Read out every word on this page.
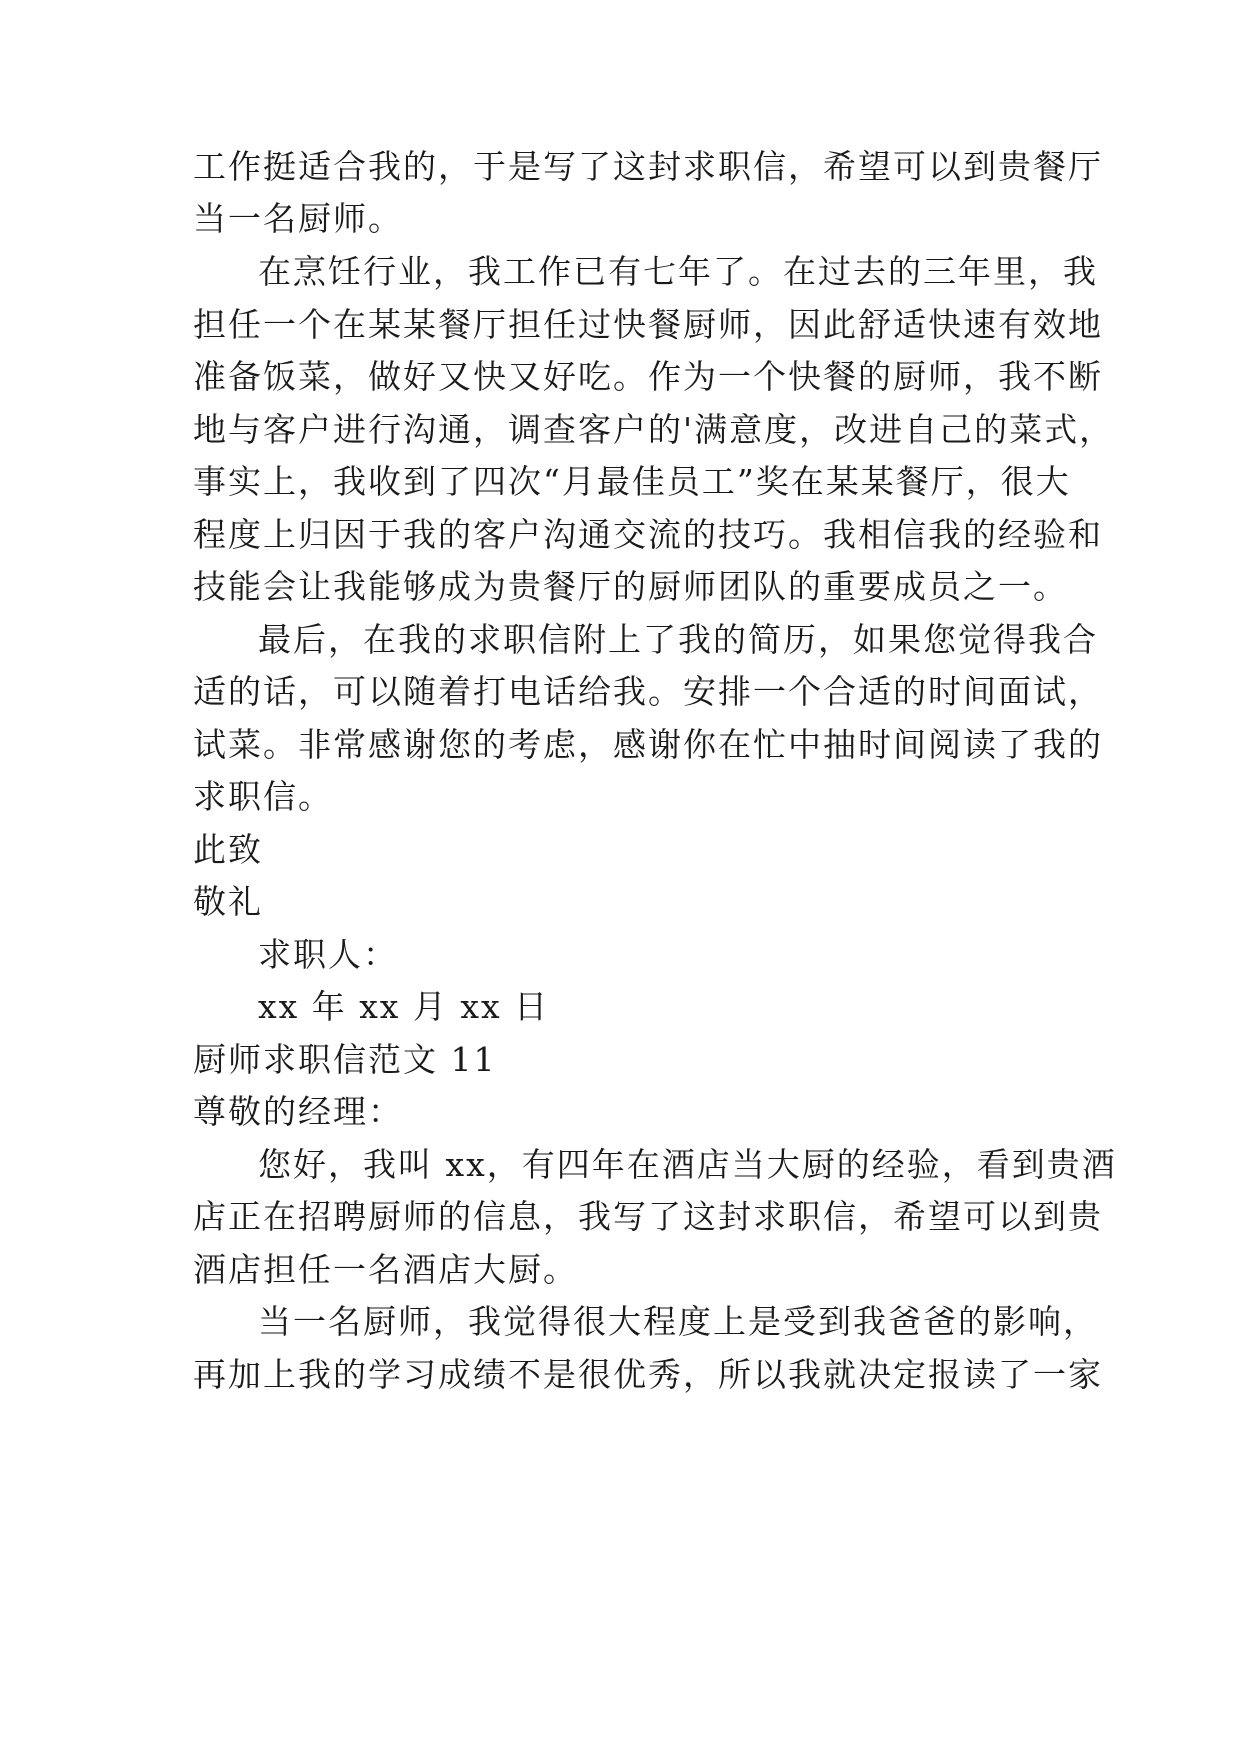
工作挺适合我的，于是写了这封求职信，希望可以到贵餐厅
当一名厨师。
在烹饪行业，我工作已有七年了。在过去的三年里，我
担任一个在某某餐厅担任过快餐厨师，因此舒适快速有效地
准备饭菜，做好又快又好吃。作为一个快餐的厨师，我不断
地与客户进行沟通，调查客户的'满意度，改进自己的菜式，
事实上，我收到了四次“月最佳员工”奖在某某餐厅，很大
程度上归因于我的客户沟通交流的技巧。我相信我的经验和
技能会让我能够成为贵餐厅的厨师团队的重要成员之一。
最后，在我的求职信附上了我的简历，如果您觉得我合
适的话，可以随着打电话给我。安排一个合适的时间面试，
试菜。非常感谢您的考虑，感谢你在忙中抽时间阅读了我的
求职信。
此致
敬礼
求职人：
xx 年 xx 月 xx 日
厨师求职信范文 11
尊敬的经理：
您好，我叫 xx，有四年在酒店当大厨的经验，看到贵酒
店正在招聘厨师的信息，我写了这封求职信，希望可以到贵
酒店担任一名酒店大厨。
当一名厨师，我觉得很大程度上是受到我爸爸的影响，
再加上我的学习成绩不是很优秀，所以我就决定报读了一家
